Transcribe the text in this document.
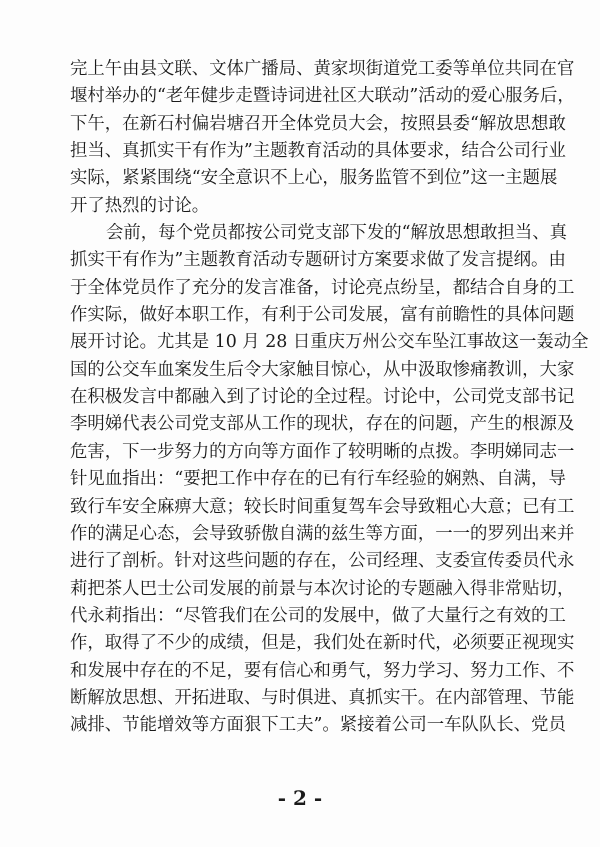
完上午由县文联、文体广播局、黄家坝街道党工委等单位共同在官
堰村举办的“老年健步走暨诗词进社区大联动”活动的爱心服务后，
下午，在新石村偏岩塘召开全体党员大会，按照县委“解放思想敢
担当、真抓实干有作为”主题教育活动的具体要求，结合公司行业
实际，紧紧围绕“安全意识不上心，服务监管不到位”这一主题展
开了热烈的讨论。
会前，每个党员都按公司党支部下发的“解放思想敢担当、真
抓实干有作为”主题教育活动专题研讨方案要求做了发言提纲。由
于全体党员作了充分的发言准备，讨论亮点纷呈，都结合自身的工
作实际，做好本职工作，有利于公司发展，富有前瞻性的具体问题
展开讨论。尤其是 10 月 28 日重庆万州公交车坠江事故这一轰动全
国的公交车血案发生后令大家触目惊心，从中汲取惨痛教训，大家
在积极发言中都融入到了讨论的全过程。讨论中，公司党支部书记
李明娣代表公司党支部从工作的现状，存在的问题，产生的根源及
危害，下一步努力的方向等方面作了较明晰的点拨。李明娣同志一
针见血指出：“要把工作中存在的已有行车经验的娴熟、自满，导
致行车安全麻痹大意；较长时间重复驾车会导致粗心大意；已有工
作的满足心态，会导致骄傲自满的兹生等方面，一一的罗列出来并
进行了剖析。针对这些问题的存在，公司经理、支委宣传委员代永
莉把茶人巴士公司发展的前景与本次讨论的专题融入得非常贴切，
代永莉指出：“尽管我们在公司的发展中，做了大量行之有效的工
作，取得了不少的成绩，但是，我们处在新时代，必须要正视现实
和发展中存在的不足，要有信心和勇气，努力学习、努力工作、不
断解放思想、开拓进取、与时俱进、真抓实干。在内部管理、节能
减排、节能增效等方面狠下工夫”。紧接着公司一车队队长、党员
- 2 -
